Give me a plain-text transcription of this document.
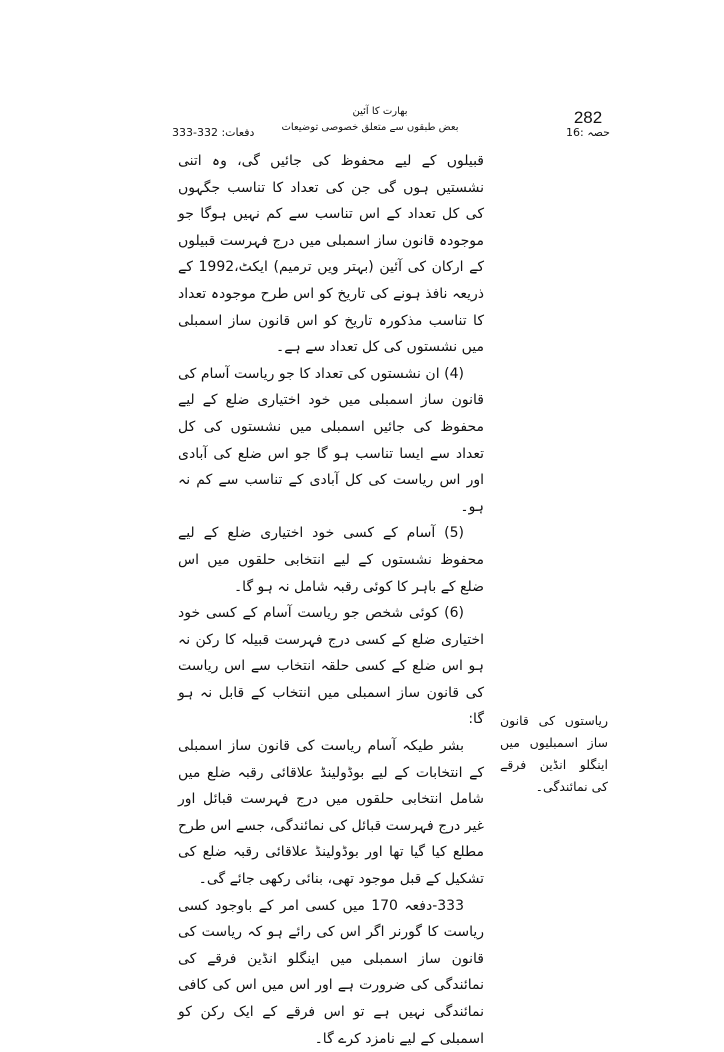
282
بھارت کا آئین
بعض طبقوں سے متعلق خصوصی توضیعات	حصہ :16
دفعات: 332-333

قبیلوں کے لیے محفوظ کی جائیں گی، وہ اتنی نشستیں ہوں گی جن کی تعداد کا تناسب جگہوں کی کل تعداد کے اس تناسب سے کم نہیں ہوگا جو موجودہ قانون ساز اسمبلی میں درج فہرست قبیلوں کے ارکان کی آئین (بہتر ویں ترمیم) ایکٹ،1992 کے ذریعہ نافذ ہونے کی تاریخ کو اس طرح موجودہ تعداد کا تناسب مذکورہ تاریخ کو اس قانون ساز اسمبلی میں نشستوں کی کل تعداد سے ہے۔

(4) ان نشستوں کی تعداد کا جو ریاست آسام کی قانون ساز اسمبلی میں خود اختیاری ضلع کے لیے محفوظ کی جائیں اسمبلی میں نشستوں کی کل تعداد سے ایسا تناسب ہو گا جو اس ضلع کی آبادی اور اس ریاست کی کل آبادی کے تناسب سے کم نہ ہو۔

(5) آسام کے کسی خود اختیاری ضلع کے لیے محفوظ نشستوں کے لیے انتخابی حلقوں میں اس ضلع کے باہر کا کوئی رقبہ شامل نہ ہو گا۔

(6) کوئی شخص جو ریاست آسام کے کسی خود اختیاری ضلع کے کسی درج فہرست قبیلہ کا رکن نہ ہو اس ضلع کے کسی حلقہ انتخاب سے اس ریاست کی قانون ساز اسمبلی میں انتخاب کے قابل نہ ہو گا:

بشر طیکہ آسام ریاست کی قانون ساز اسمبلی کے انتخابات کے لیے بوڈولینڈ علاقائی رقبہ ضلع میں شامل انتخابی حلقوں میں درج فہرست قبائل اور غیر درج فہرست قبائل کی نمائندگی، جسے اس طرح مطلع کیا گیا تھا اور بوڈولینڈ علاقائی رقبہ ضلع کی تشکیل کے قبل موجود تھی، بنائی رکھی جائے گی۔

333-دفعہ 170 میں کسی امر کے باوجود کسی ریاست کا گورنر اگر اس کی رائے ہو کہ ریاست کی قانون ساز اسمبلی میں اینگلو انڈین فرقے کی نمائندگی کی ضرورت ہے اور اس میں اس کی کافی نمائندگی نہیں ہے تو اس فرقے کے ایک رکن کو اسمبلی کے لیے نامزد کرے گا۔

ریاستوں کی قانون ساز اسمبلیوں میں اینگلو انڈین فرقے کی نمائندگی۔
